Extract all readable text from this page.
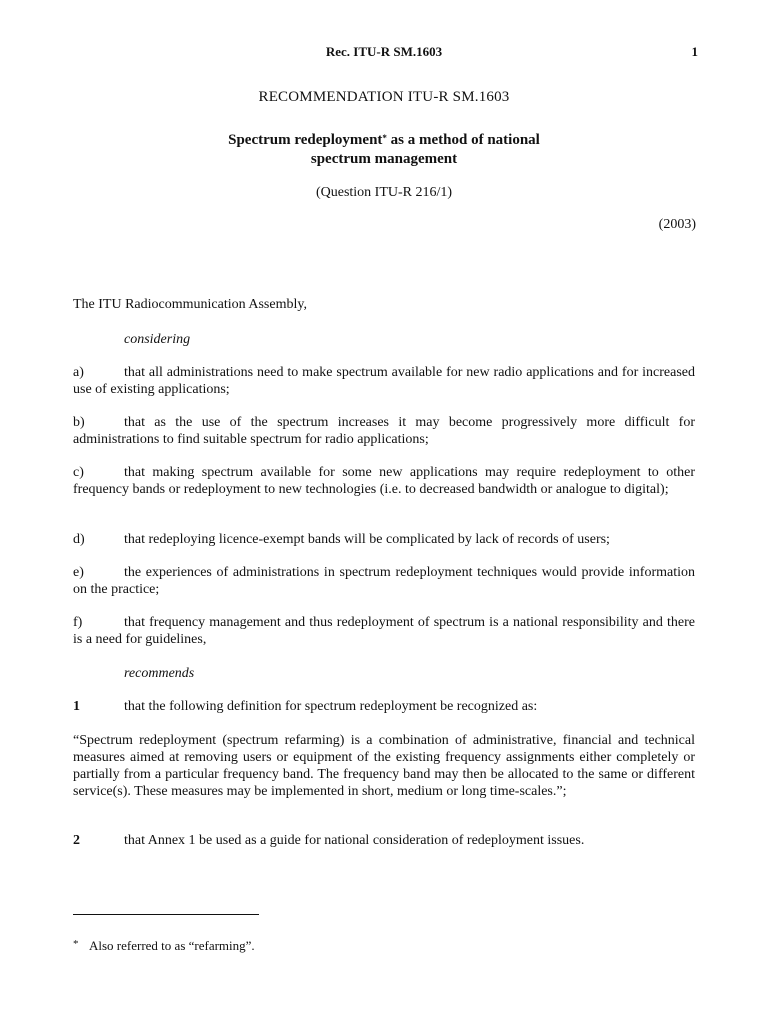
Rec. ITU-R SM.1603	1
RECOMMENDATION ITU-R SM.1603
Spectrum redeployment* as a method of national
spectrum management
(Question ITU-R 216/1)
(2003)
The ITU Radiocommunication Assembly,
considering
a)	that all administrations need to make spectrum available for new radio applications and for increased use of existing applications;
b)	that as the use of the spectrum increases it may become progressively more difficult for administrations to find suitable spectrum for radio applications;
c)	that making spectrum available for some new applications may require redeployment to other frequency bands or redeployment to new technologies (i.e. to decreased bandwidth or analogue to digital);
d)	that redeploying licence-exempt bands will be complicated by lack of records of users;
e)	the experiences of administrations in spectrum redeployment techniques would provide information on the practice;
f)	that frequency management and thus redeployment of spectrum is a national responsibility and there is a need for guidelines,
recommends
1	that the following definition for spectrum redeployment be recognized as:
“Spectrum redeployment (spectrum refarming) is a combination of administrative, financial and technical measures aimed at removing users or equipment of the existing frequency assignments either completely or partially from a particular frequency band. The frequency band may then be allocated to the same or different service(s). These measures may be implemented in short, medium or long time-scales.”;
2	that Annex 1 be used as a guide for national consideration of redeployment issues.
* Also referred to as “refarming”.
